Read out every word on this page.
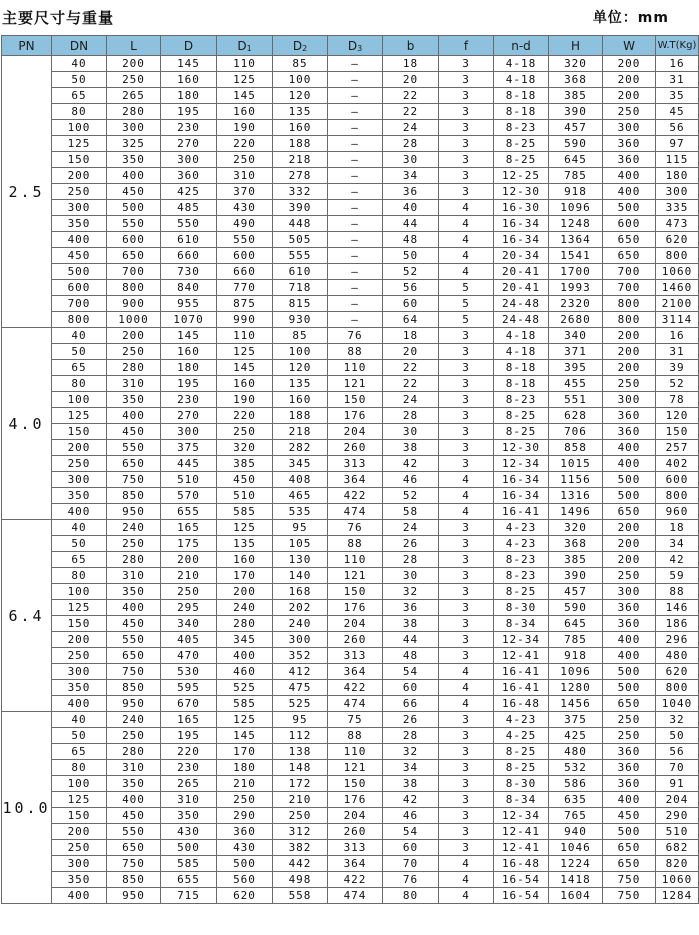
主要尺寸与重量	单位：mm
PN	DN	L	D	$D_1$	$D_2$	$D_3$	b	f	n-d	H	W	W.T(Kg)
2.5	40	200	145	110	85	–	18	3	4-18	320	200	16
	50	250	160	125	100	–	20	3	4-18	368	200	31
	65	265	180	145	120	–	22	3	8-18	385	200	35
	80	280	195	160	135	–	22	3	8-18	390	250	45
	100	300	230	190	160	–	24	3	8-23	457	300	56
	125	325	270	220	188	–	28	3	8-25	590	360	97
	150	350	300	250	218	–	30	3	8-25	645	360	115
	200	400	360	310	278	–	34	3	12-25	785	400	180
	250	450	425	370	332	–	36	3	12-30	918	400	300
	300	500	485	430	390	–	40	4	16-30	1096	500	335
	350	550	550	490	448	–	44	4	16-34	1248	600	473
	400	600	610	550	505	–	48	4	16-34	1364	650	620
	450	650	660	600	555	–	50	4	20-34	1541	650	800
	500	700	730	660	610	–	52	4	20-41	1700	700	1060
	600	800	840	770	718	–	56	5	20-41	1993	700	1460
	700	900	955	875	815	–	60	5	24-48	2320	800	2100
	800	1000	1070	990	930	–	64	5	24-48	2680	800	3114
4.0	40	200	145	110	85	76	18	3	4-18	340	200	16
	50	250	160	125	100	88	20	3	4-18	371	200	31
	65	280	180	145	120	110	22	3	8-18	395	200	39
	80	310	195	160	135	121	22	3	8-18	455	250	52
	100	350	230	190	160	150	24	3	8-23	551	300	78
	125	400	270	220	188	176	28	3	8-25	628	360	120
	150	450	300	250	218	204	30	3	8-25	706	360	150
	200	550	375	320	282	260	38	3	12-30	858	400	257
	250	650	445	385	345	313	42	3	12-34	1015	400	402
	300	750	510	450	408	364	46	4	16-34	1156	500	600
	350	850	570	510	465	422	52	4	16-34	1316	500	800
	400	950	655	585	535	474	58	4	16-41	1496	650	960
6.4	40	240	165	125	95	76	24	3	4-23	320	200	18
	50	250	175	135	105	88	26	3	4-23	368	200	34
	65	280	200	160	130	110	28	3	8-23	385	200	42
	80	310	210	170	140	121	30	3	8-23	390	250	59
	100	350	250	200	168	150	32	3	8-25	457	300	88
	125	400	295	240	202	176	36	3	8-30	590	360	146
	150	450	340	280	240	204	38	3	8-34	645	360	186
	200	550	405	345	300	260	44	3	12-34	785	400	296
	250	650	470	400	352	313	48	3	12-41	918	400	480
	300	750	530	460	412	364	54	4	16-41	1096	500	620
	350	850	595	525	475	422	60	4	16-41	1280	500	800
	400	950	670	585	525	474	66	4	16-48	1456	650	1040
10.0	40	240	165	125	95	75	26	3	4-23	375	250	32
	50	250	195	145	112	88	28	3	4-25	425	250	50
	65	280	220	170	138	110	32	3	8-25	480	360	56
	80	310	230	180	148	121	34	3	8-25	532	360	70
	100	350	265	210	172	150	38	3	8-30	586	360	91
	125	400	310	250	210	176	42	3	8-34	635	400	204
	150	450	350	290	250	204	46	3	12-34	765	450	290
	200	550	430	360	312	260	54	3	12-41	940	500	510
	250	650	500	430	382	313	60	3	12-41	1046	650	682
	300	750	585	500	442	364	70	4	16-48	1224	650	820
	350	850	655	560	498	422	76	4	16-54	1418	750	1060
	400	950	715	620	558	474	80	4	16-54	1604	750	1284
